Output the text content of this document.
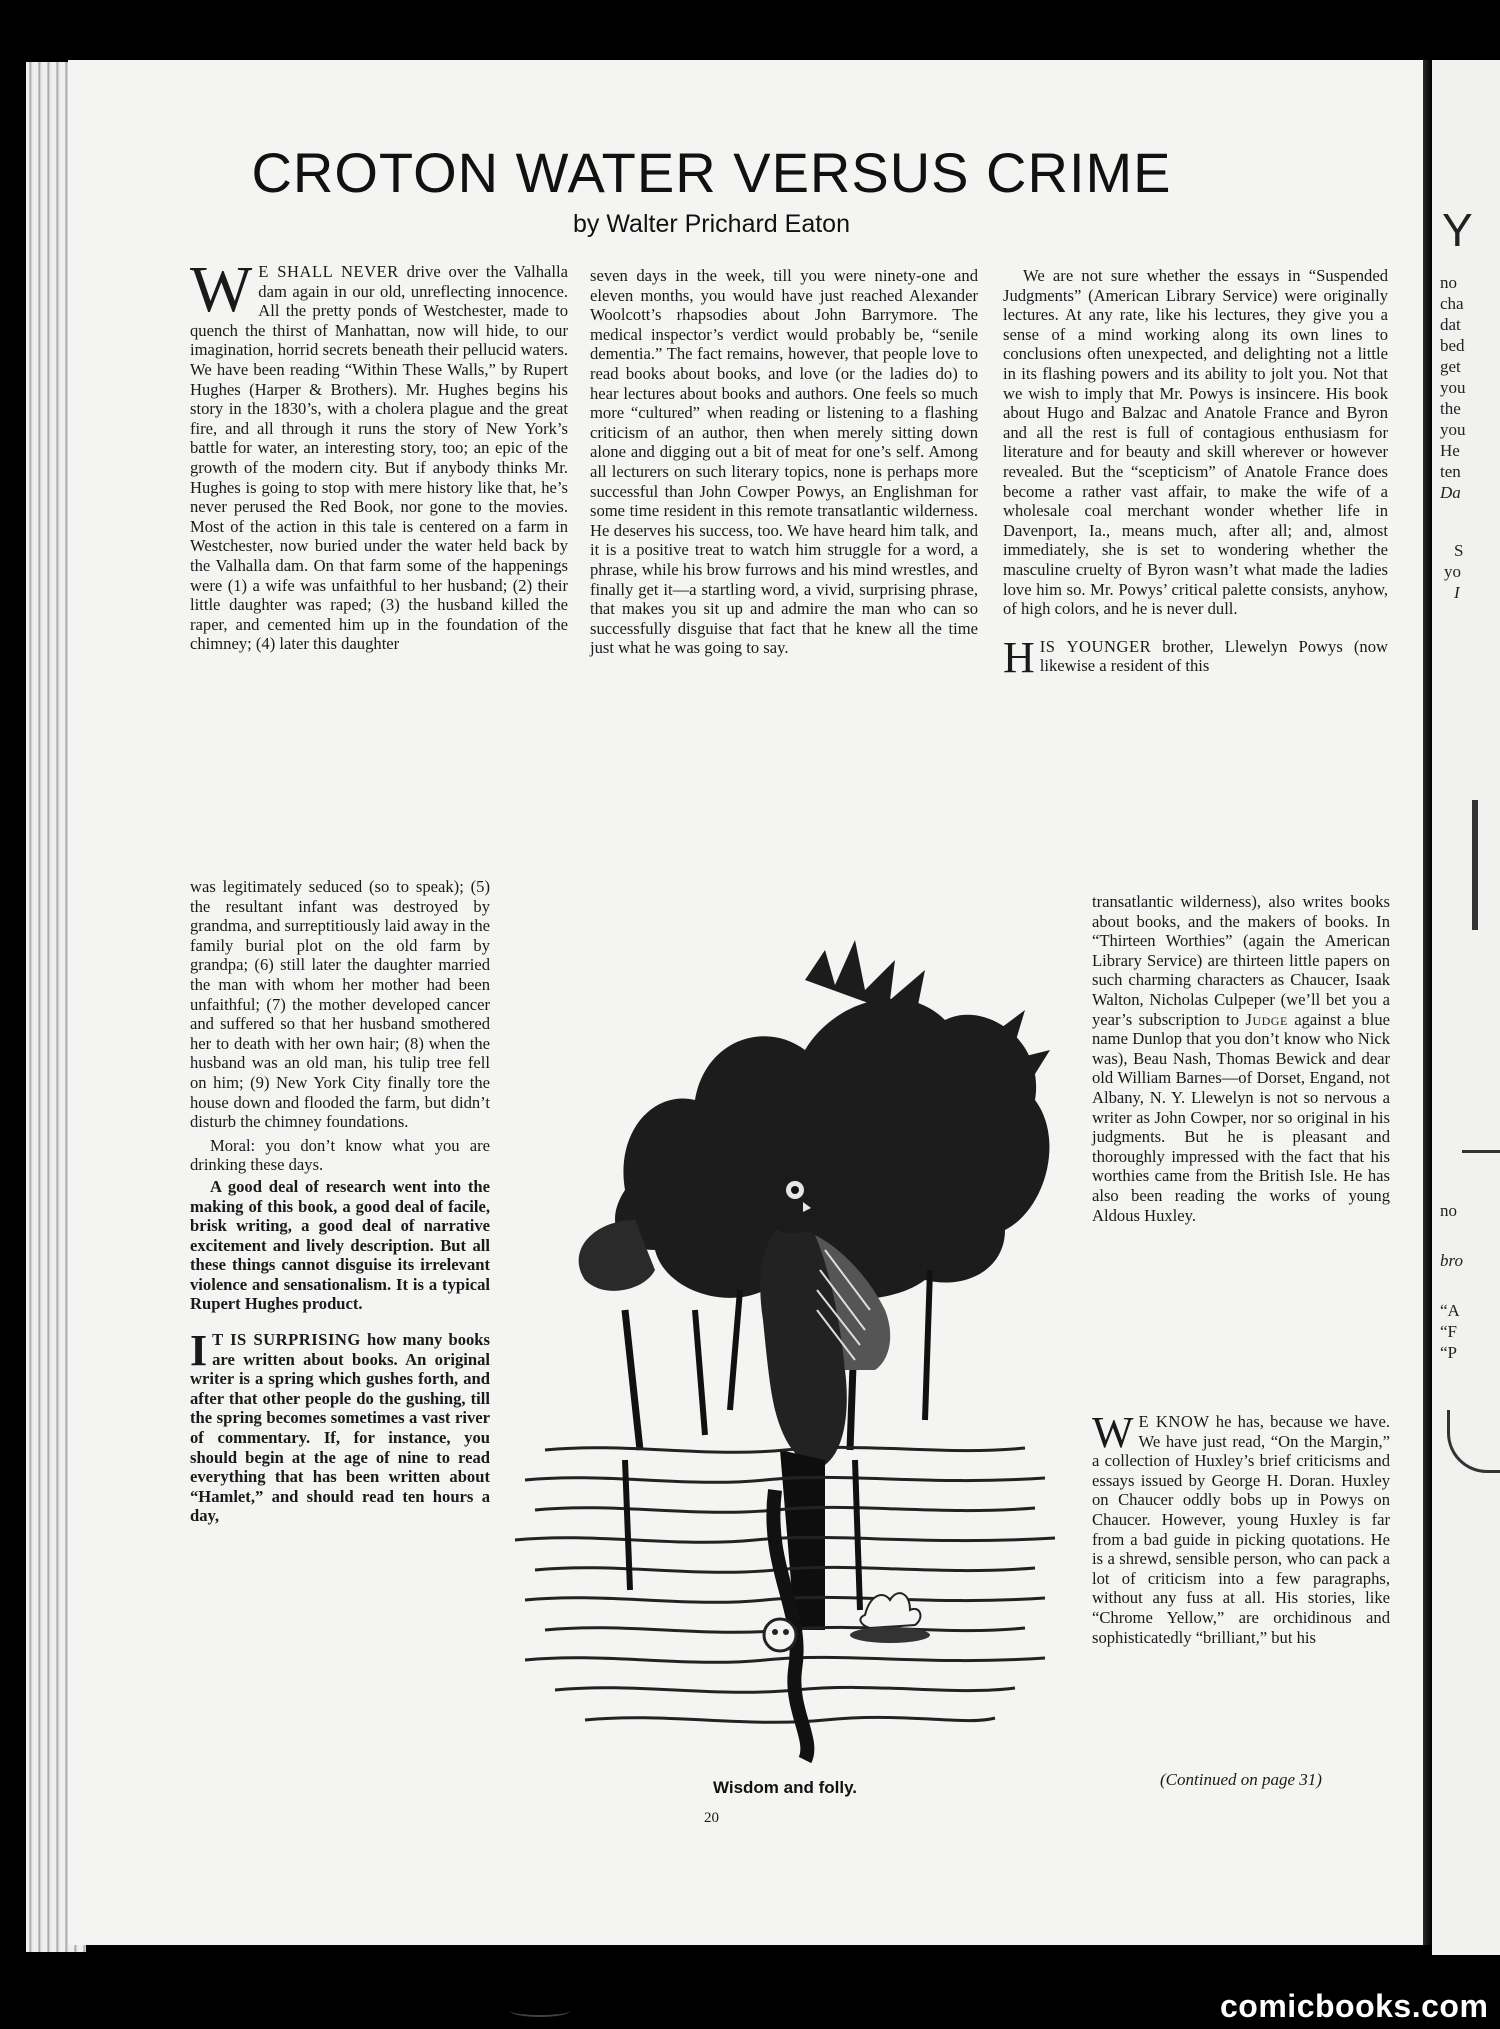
CROTON WATER VERSUS CRIME
by Walter Prichard Eaton

W E SHALL NEVER drive over the Valhalla dam again in our old, unreflecting innocence. All the pretty ponds of Westchester, made to quench the thirst of Manhattan, now will hide, to our imagination, horrid secrets beneath their pellucid waters. We have been reading “Within These Walls,” by Rupert Hughes (Harper & Brothers). Mr. Hughes begins his story in the 1830’s, with a cholera plague and the great fire, and all through it runs the story of New York’s battle for water, an interesting story, too; an epic of the growth of the modern city. But if anybody thinks Mr. Hughes is going to stop with mere history like that, he’s never perused the Red Book, nor gone to the movies. Most of the action in this tale is centered on a farm in Westchester, now buried under the water held back by the Valhalla dam. On that farm some of the happenings were (1) a wife was unfaithful to her husband; (2) their little daughter was raped; (3) the husband killed the raper, and cemented him up in the foundation of the chimney; (4) later this daughter

was legitimately seduced (so to speak); (5) the resultant infant was destroyed by grandma, and surreptitiously laid away in the family burial plot on the old farm by grandpa; (6) still later the daughter married the man with whom her mother had been unfaithful; (7) the mother developed cancer and suffered so that her husband smothered her to death with her own hair; (8) when the husband was an old man, his tulip tree fell on him; (9) New York City finally tore the house down and flooded the farm, but didn’t disturb the chimney foundations.

Moral: you don’t know what you are drinking these days.

A good deal of research went into the making of this book, a good deal of facile, brisk writing, a good deal of narrative excitement and lively description. But all these things cannot disguise its irrelevant violence and sensationalism. It is a typical Rupert Hughes product.

I T IS SURPRISING how many books are written about books. An original writer is a spring which gushes forth, and after that other people do the gushing, till the spring becomes sometimes a vast river of commentary. If, for instance, you should begin at the age of nine to read everything that has been written about “Hamlet,” and should read ten hours a day,

seven days in the week, till you were ninety-one and eleven months, you would have just reached Alexander Woolcott’s rhapsodies about John Barrymore. The medical inspector’s verdict would probably be, “senile dementia.” The fact remains, however, that people love to read books about books, and love (or the ladies do) to hear lectures about books and authors. One feels so much more “cultured” when reading or listening to a flashing criticism of an author, then when merely sitting down alone and digging out a bit of meat for one’s self. Among all lecturers on such literary topics, none is perhaps more successful than John Cowper Powys, an Englishman for some time resident in this remote transatlantic wilderness. He deserves his success, too. We have heard him talk, and it is a positive treat to watch him struggle for a word, a phrase, while his brow furrows and his mind wrestles, and finally get it—a startling word, a vivid, surprising phrase, that makes you sit up and admire the man who can so successfully disguise that fact that he knew all the time just what he was going to say.

We are not sure whether the essays in “Suspended Judgments” (American Library Service) were originally lectures. At any rate, like his lectures, they give you a sense of a mind working along its own lines to conclusions often unexpected, and delighting not a little in its flashing powers and its ability to jolt you. Not that we wish to imply that Mr. Powys is insincere. His book about Hugo and Balzac and Anatole France and Byron and all the rest is full of contagious enthusiasm for literature and for beauty and skill wherever or however revealed. But the “scepticism” of Anatole France does become a rather vast affair, to make the wife of a wholesale coal merchant wonder whether life in Davenport, Ia., means much, after all; and, almost immediately, she is set to wondering whether the masculine cruelty of Byron wasn’t what made the ladies love him so. Mr. Powys’ critical palette consists, anyhow, of high colors, and he is never dull.

HIS YOUNGER brother, Llewelyn Powys (now likewise a resident of this

transatlantic wilderness), also writes books about books, and the makers of books. In “Thirteen Worthies” (again the American Library Service) are thirteen little papers on such charming characters as Chaucer, Isaak Walton, Nicholas Culpeper (we’ll bet you a year’s subscription to Judge against a blue name Dunlop that you don’t know who Nick was), Beau Nash, Thomas Bewick and dear old William Barnes—of Dorset, Engand, not Albany, N. Y. Llewelyn is not so nervous a writer as John Cowper, nor so original in his judgments. But he is pleasant and thoroughly impressed with the fact that his worthies came from the British Isle. He has also been reading the works of young Aldous Huxley.

W E KNOW he has, because we have. We have just read, “On the Margin,” a collection of Huxley’s brief criticisms and essays issued by George H. Doran. Huxley on Chaucer oddly bobs up in Powys on Chaucer. However, young Huxley is far from a bad guide in picking quotations. He is a shrewd, sensible person, who can pack a lot of criticism into a few paragraphs, without any fuss at all. His stories, like “Chrome Yellow,” are orchidinous and sophisticatedly “brilliant,” but his

(Continued on page 31)
Wisdom and folly.
20
Y
no
cha
dat
bed
get
you
the
you
He
ten
Da
S
yo
I
no
bro
“A
“F
“P
comicbooks.com
